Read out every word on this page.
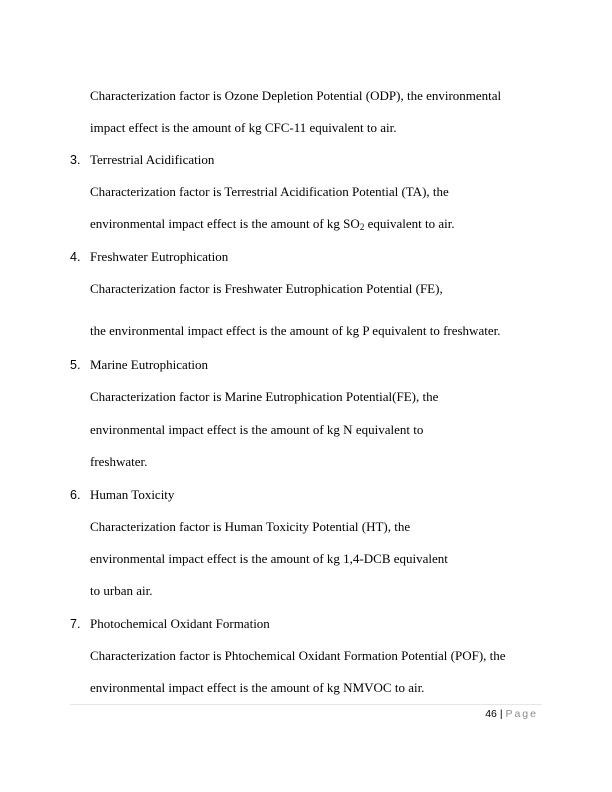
Characterization factor is Ozone Depletion Potential (ODP), the environmental
impact effect is the amount of kg CFC-11 equivalent to air.
3. Terrestrial Acidification
Characterization factor is Terrestrial Acidification Potential (TA), the
environmental impact effect is the amount of kg $SO_2$ equivalent to air.
4. Freshwater Eutrophication
Characterization factor is Freshwater Eutrophication Potential (FE),
the environmental impact effect is the amount of kg P equivalent to freshwater.
5. Marine Eutrophication
Characterization factor is Marine Eutrophication Potential(FE), the
environmental impact effect is the amount of kg N equivalent to
freshwater.
6. Human Toxicity
Characterization factor is Human Toxicity Potential (HT), the
environmental impact effect is the amount of kg 1,4-DCB equivalent
to urban air.
7. Photochemical Oxidant Formation
Characterization factor is Phtochemical Oxidant Formation Potential (POF), the
environmental impact effect is the amount of kg NMVOC to air.
46 | Page
